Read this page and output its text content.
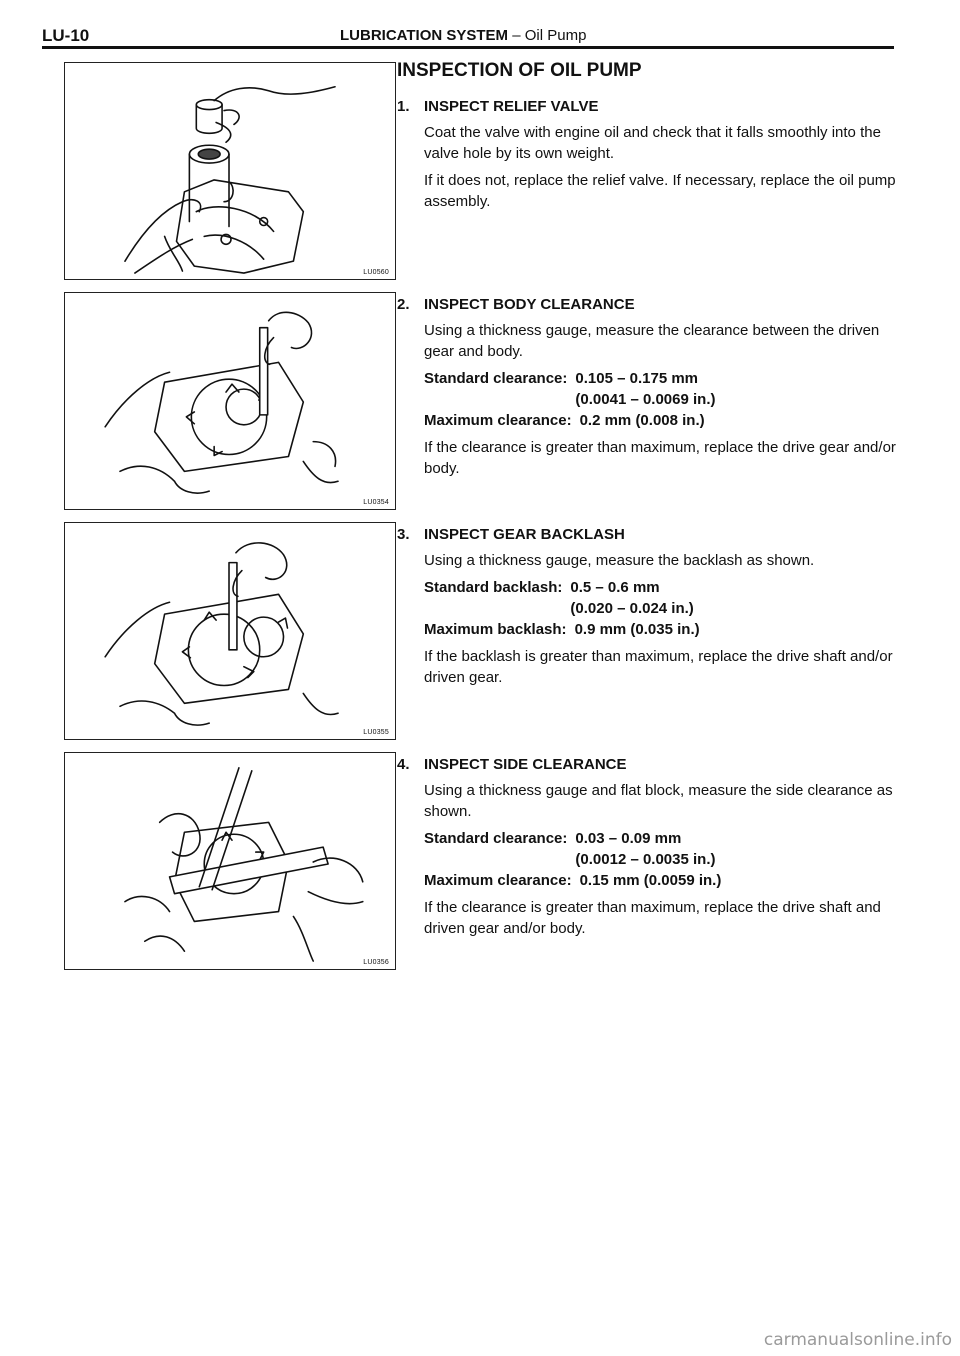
LU-10	LUBRICATION SYSTEM – Oil Pump
LU0560
LU0354
LU0355
LU0356
INSPECTION OF OIL PUMP
1. INSPECT RELIEF VALVE

Coat the valve with engine oil and check that it falls smoothly into the valve hole by its own weight.

If it does not, replace the relief valve. If necessary, replace the oil pump assembly.

2. INSPECT BODY CLEARANCE

Using a thickness gauge, measure the clearance between the driven gear and body.

Standard clearance: 0.105 – 0.175 mm
(0.0041 – 0.0069 in.)
Maximum clearance: 0.2 mm (0.008 in.)

If the clearance is greater than maximum, replace the drive gear and/or body.

3. INSPECT GEAR BACKLASH

Using a thickness gauge, measure the backlash as shown.

Standard backlash: 0.5 – 0.6 mm
(0.020 – 0.024 in.)
Maximum backlash: 0.9 mm (0.035 in.)

If the backlash is greater than maximum, replace the drive shaft and/or driven gear.

4. INSPECT SIDE CLEARANCE

Using a thickness gauge and flat block, measure the side clearance as shown.

Standard clearance: 0.03 – 0.09 mm
(0.0012 – 0.0035 in.)
Maximum clearance: 0.15 mm (0.0059 in.)

If the clearance is greater than maximum, replace the drive shaft and driven gear and/or body.

carmanualsonline.info
